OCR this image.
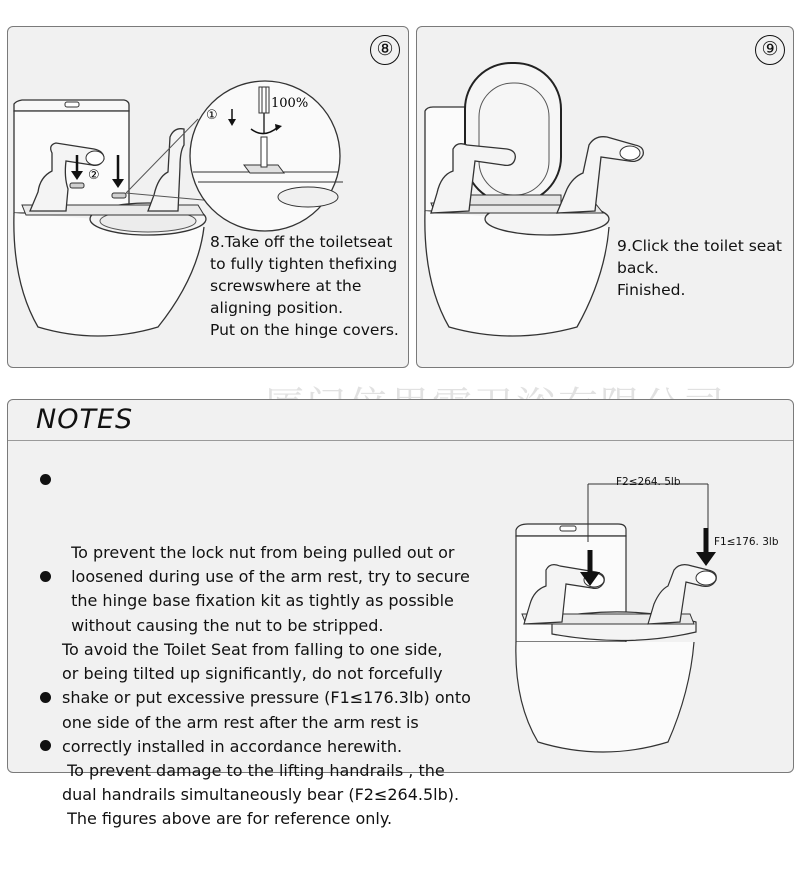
②
①
100%
⑧
8.Take off the toiletseat
to fully tighten thefixing
screwswhere at the
aligning position.
Put on the hinge covers.
⑨
9.Click the toilet seat
back.
Finished.
NOTES

To prevent the lock nut from being pulled out or
loosened during use of the arm rest, try to secure
the hinge base fixation kit as tightly as possible
without causing the nut to be stripped.

To avoid the Toilet Seat from falling to one side,
or being tilted up significantly, do not forcefully
shake or put excessive pressure (F1≤176.3lb) onto
one side of the arm rest after the arm rest is
correctly installed in accordance herewith.

To prevent damage to the lifting handrails , the
dual handrails simultaneously bear (F2≤264.5lb).

The figures above are for reference only.

F2≤264. 5lb
F1≤176. 3lb
